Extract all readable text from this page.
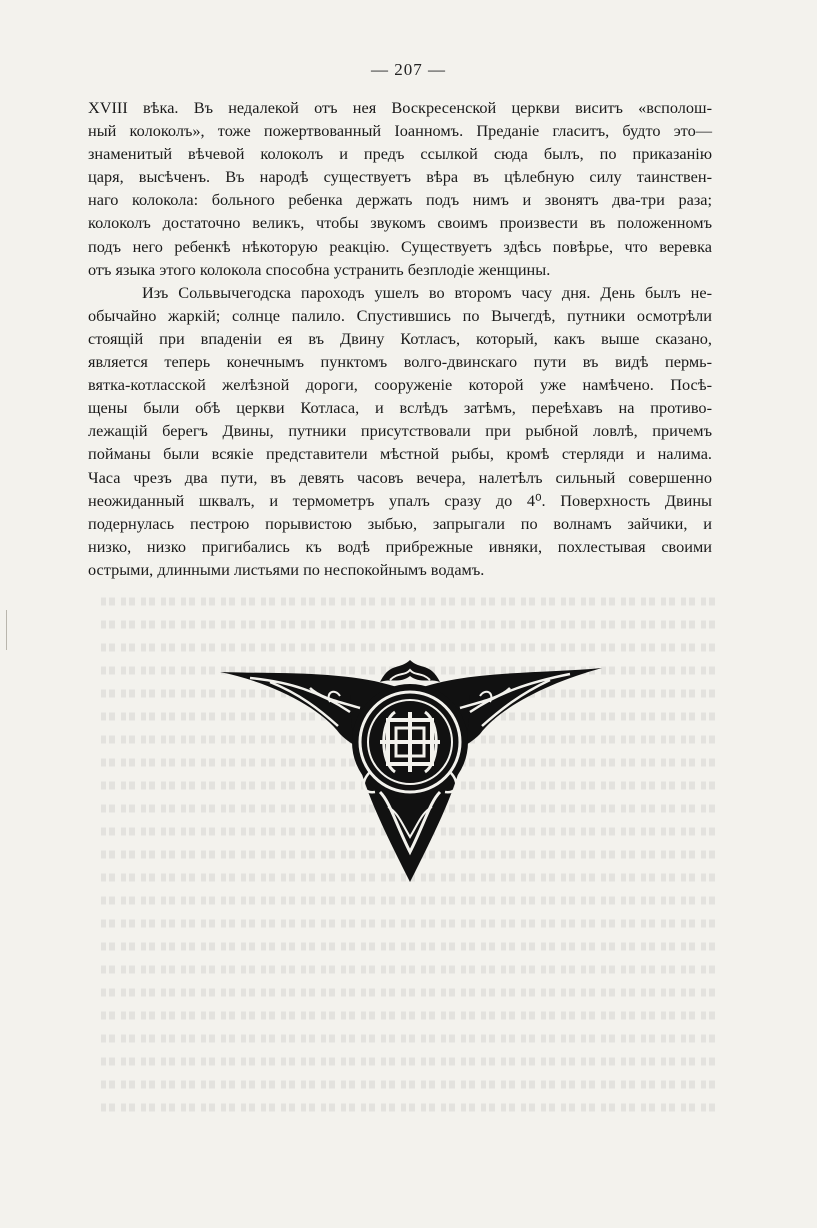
— 207 —
XVIII вѣка. Въ недалекой отъ нея Воскресенской церкви виситъ «всполош-
ный колоколъ», тоже пожертвованный Іоанномъ. Преданіе гласитъ, будто это—
знаменитый вѣчевой колоколъ и предъ ссылкой сюда былъ, по приказанію
царя, высѣченъ. Въ народѣ существуетъ вѣра въ цѣлебную силу таинствен-
наго колокола: больного ребенка держать подъ нимъ и звонятъ два-три раза;
колоколъ достаточно великъ, чтобы звукомъ своимъ произвести въ положенномъ
подъ него ребенкѣ нѣкоторую реакцію. Существуетъ здѣсь повѣрье, что веревка
отъ языка этого колокола способна устранить безплодіе женщины.
Изъ Сольвычегодска пароходъ ушелъ во второмъ часу дня. День былъ не-
обычайно жаркій; солнце палило. Спустившись по Вычегдѣ, путники осмотрѣли
стоящій при впаденіи ея въ Двину Котласъ, который, какъ выше сказано,
является теперь конечнымъ пунктомъ волго-двинскаго пути въ видѣ пермь-
вятка-котласской желѣзной дороги, сооруженіе которой уже намѣчено. Посѣ-
щены были обѣ церкви Котласа, и вслѣдъ затѣмъ, переѣхавъ на противо-
лежащій берегъ Двины, путники присутствовали при рыбной ловлѣ, причемъ
пойманы были всякіе представители мѣстной рыбы, кромѣ стерляди и налима.
Часа чрезъ два пути, въ девять часовъ вечера, налетѣлъ сильный совершенно
неожиданный шквалъ, и термометръ упалъ сразу до 4⁰. Поверхность Двины
подернулась пестрою порывистою зыбью, запрыгали по волнамъ зайчики, и
низко, низко пригибались къ водѣ прибрежные ивняки, похлестывая своими
острыми, длинными листьями по неспокойнымъ водамъ.
